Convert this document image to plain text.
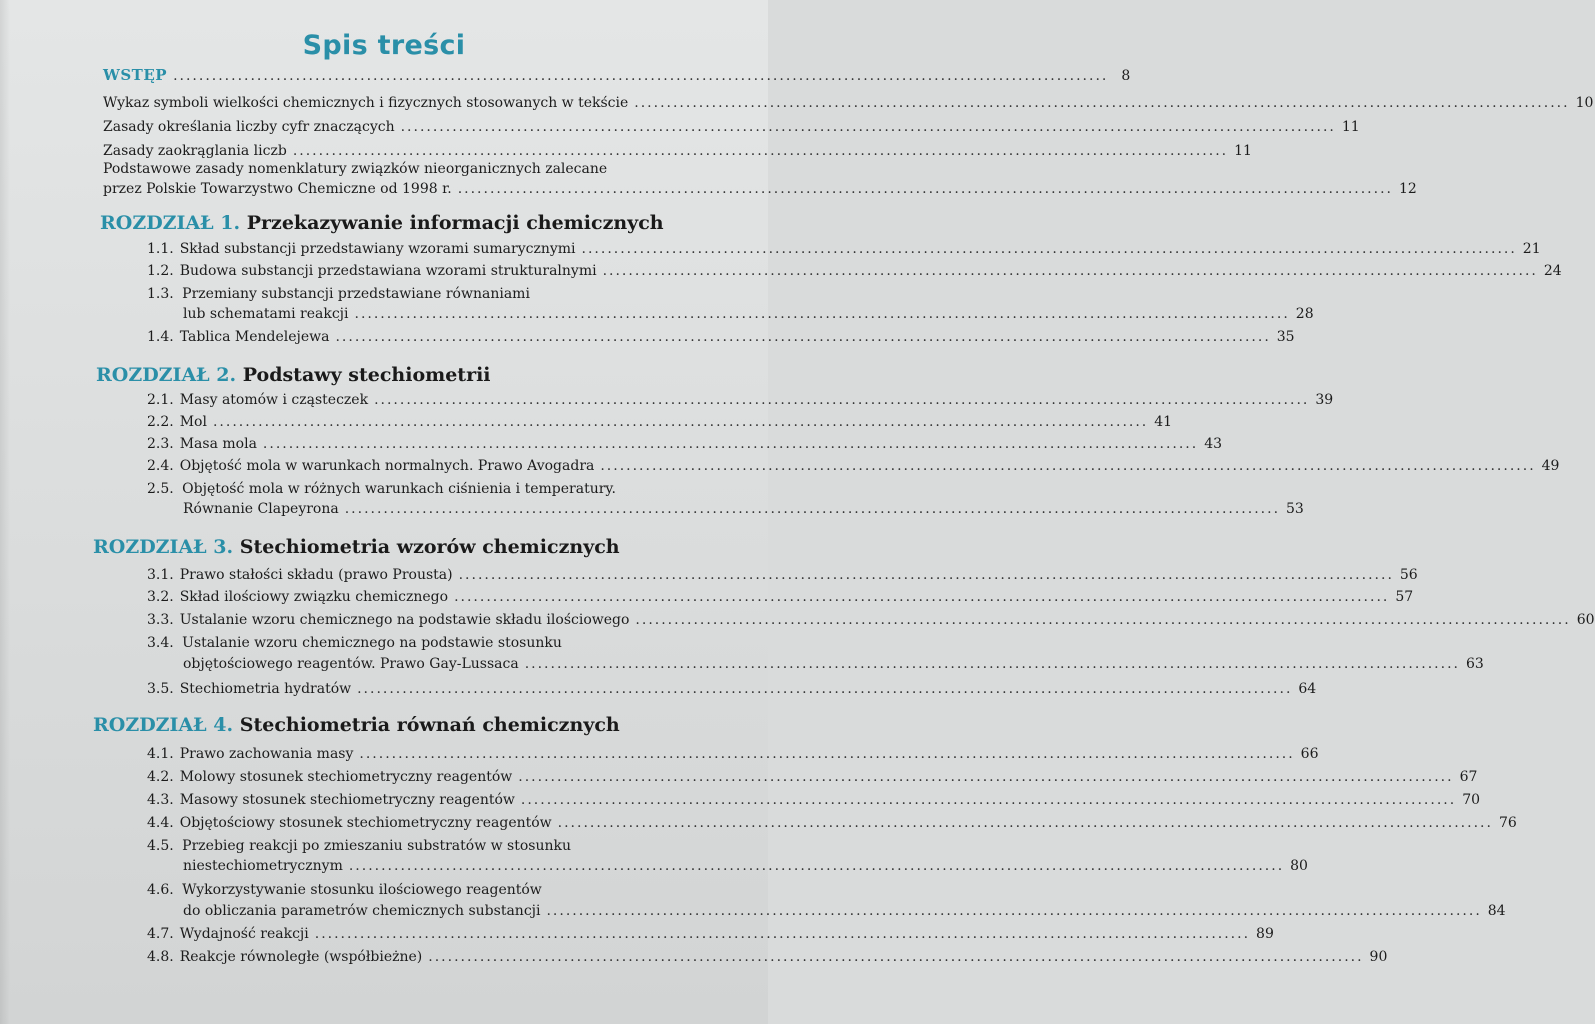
Spis treści
WSTĘP ................................................................................................................................................. 8
Wykaz symboli wielkości chemicznych i fizycznych stosowanych w tekście ................................................................................................................................................. 10
Zasady określania liczby cyfr znaczących ................................................................................................................................................. 11
Zasady zaokrąglania liczb ................................................................................................................................................. 11
Podstawowe zasady nomenklatury związków nieorganicznych zalecane
przez Polskie Towarzystwo Chemiczne od 1998 r. ................................................................................................................................................. 12
ROZDZIAŁ 1. Przekazywanie informacji chemicznych
1.1. Skład substancji przedstawiany wzorami sumarycznymi ................................................................................................................................................. 21
1.2. Budowa substancji przedstawiana wzorami strukturalnymi ................................................................................................................................................. 24
1.3. Przemiany substancji przedstawiane równaniami
lub schematami reakcji ................................................................................................................................................. 28
1.4. Tablica Mendelejewa ................................................................................................................................................. 35
ROZDZIAŁ 2. Podstawy stechiometrii
2.1. Masy atomów i cząsteczek ................................................................................................................................................. 39
2.2. Mol ................................................................................................................................................. 41
2.3. Masa mola ................................................................................................................................................. 43
2.4. Objętość mola w warunkach normalnych. Prawo Avogadra ................................................................................................................................................. 49
2.5. Objętość mola w różnych warunkach ciśnienia i temperatury.
Równanie Clapeyrona ................................................................................................................................................. 53
ROZDZIAŁ 3. Stechiometria wzorów chemicznych
3.1. Prawo stałości składu (prawo Prousta) ................................................................................................................................................. 56
3.2. Skład ilościowy związku chemicznego ................................................................................................................................................. 57
3.3. Ustalanie wzoru chemicznego na podstawie składu ilościowego ................................................................................................................................................. 60
3.4. Ustalanie wzoru chemicznego na podstawie stosunku
objętościowego reagentów. Prawo Gay-Lussaca ................................................................................................................................................. 63
3.5. Stechiometria hydratów ................................................................................................................................................. 64
ROZDZIAŁ 4. Stechiometria równań chemicznych
4.1. Prawo zachowania masy ................................................................................................................................................. 66
4.2. Molowy stosunek stechiometryczny reagentów ................................................................................................................................................. 67
4.3. Masowy stosunek stechiometryczny reagentów ................................................................................................................................................. 70
4.4. Objętościowy stosunek stechiometryczny reagentów ................................................................................................................................................. 76
4.5. Przebieg reakcji po zmieszaniu substratów w stosunku
niestechiometrycznym ................................................................................................................................................. 80
4.6. Wykorzystywanie stosunku ilościowego reagentów
do obliczania parametrów chemicznych substancji ................................................................................................................................................. 84
4.7. Wydajność reakcji ................................................................................................................................................. 89
4.8. Reakcje równoległe (współbieżne) ................................................................................................................................................. 90
